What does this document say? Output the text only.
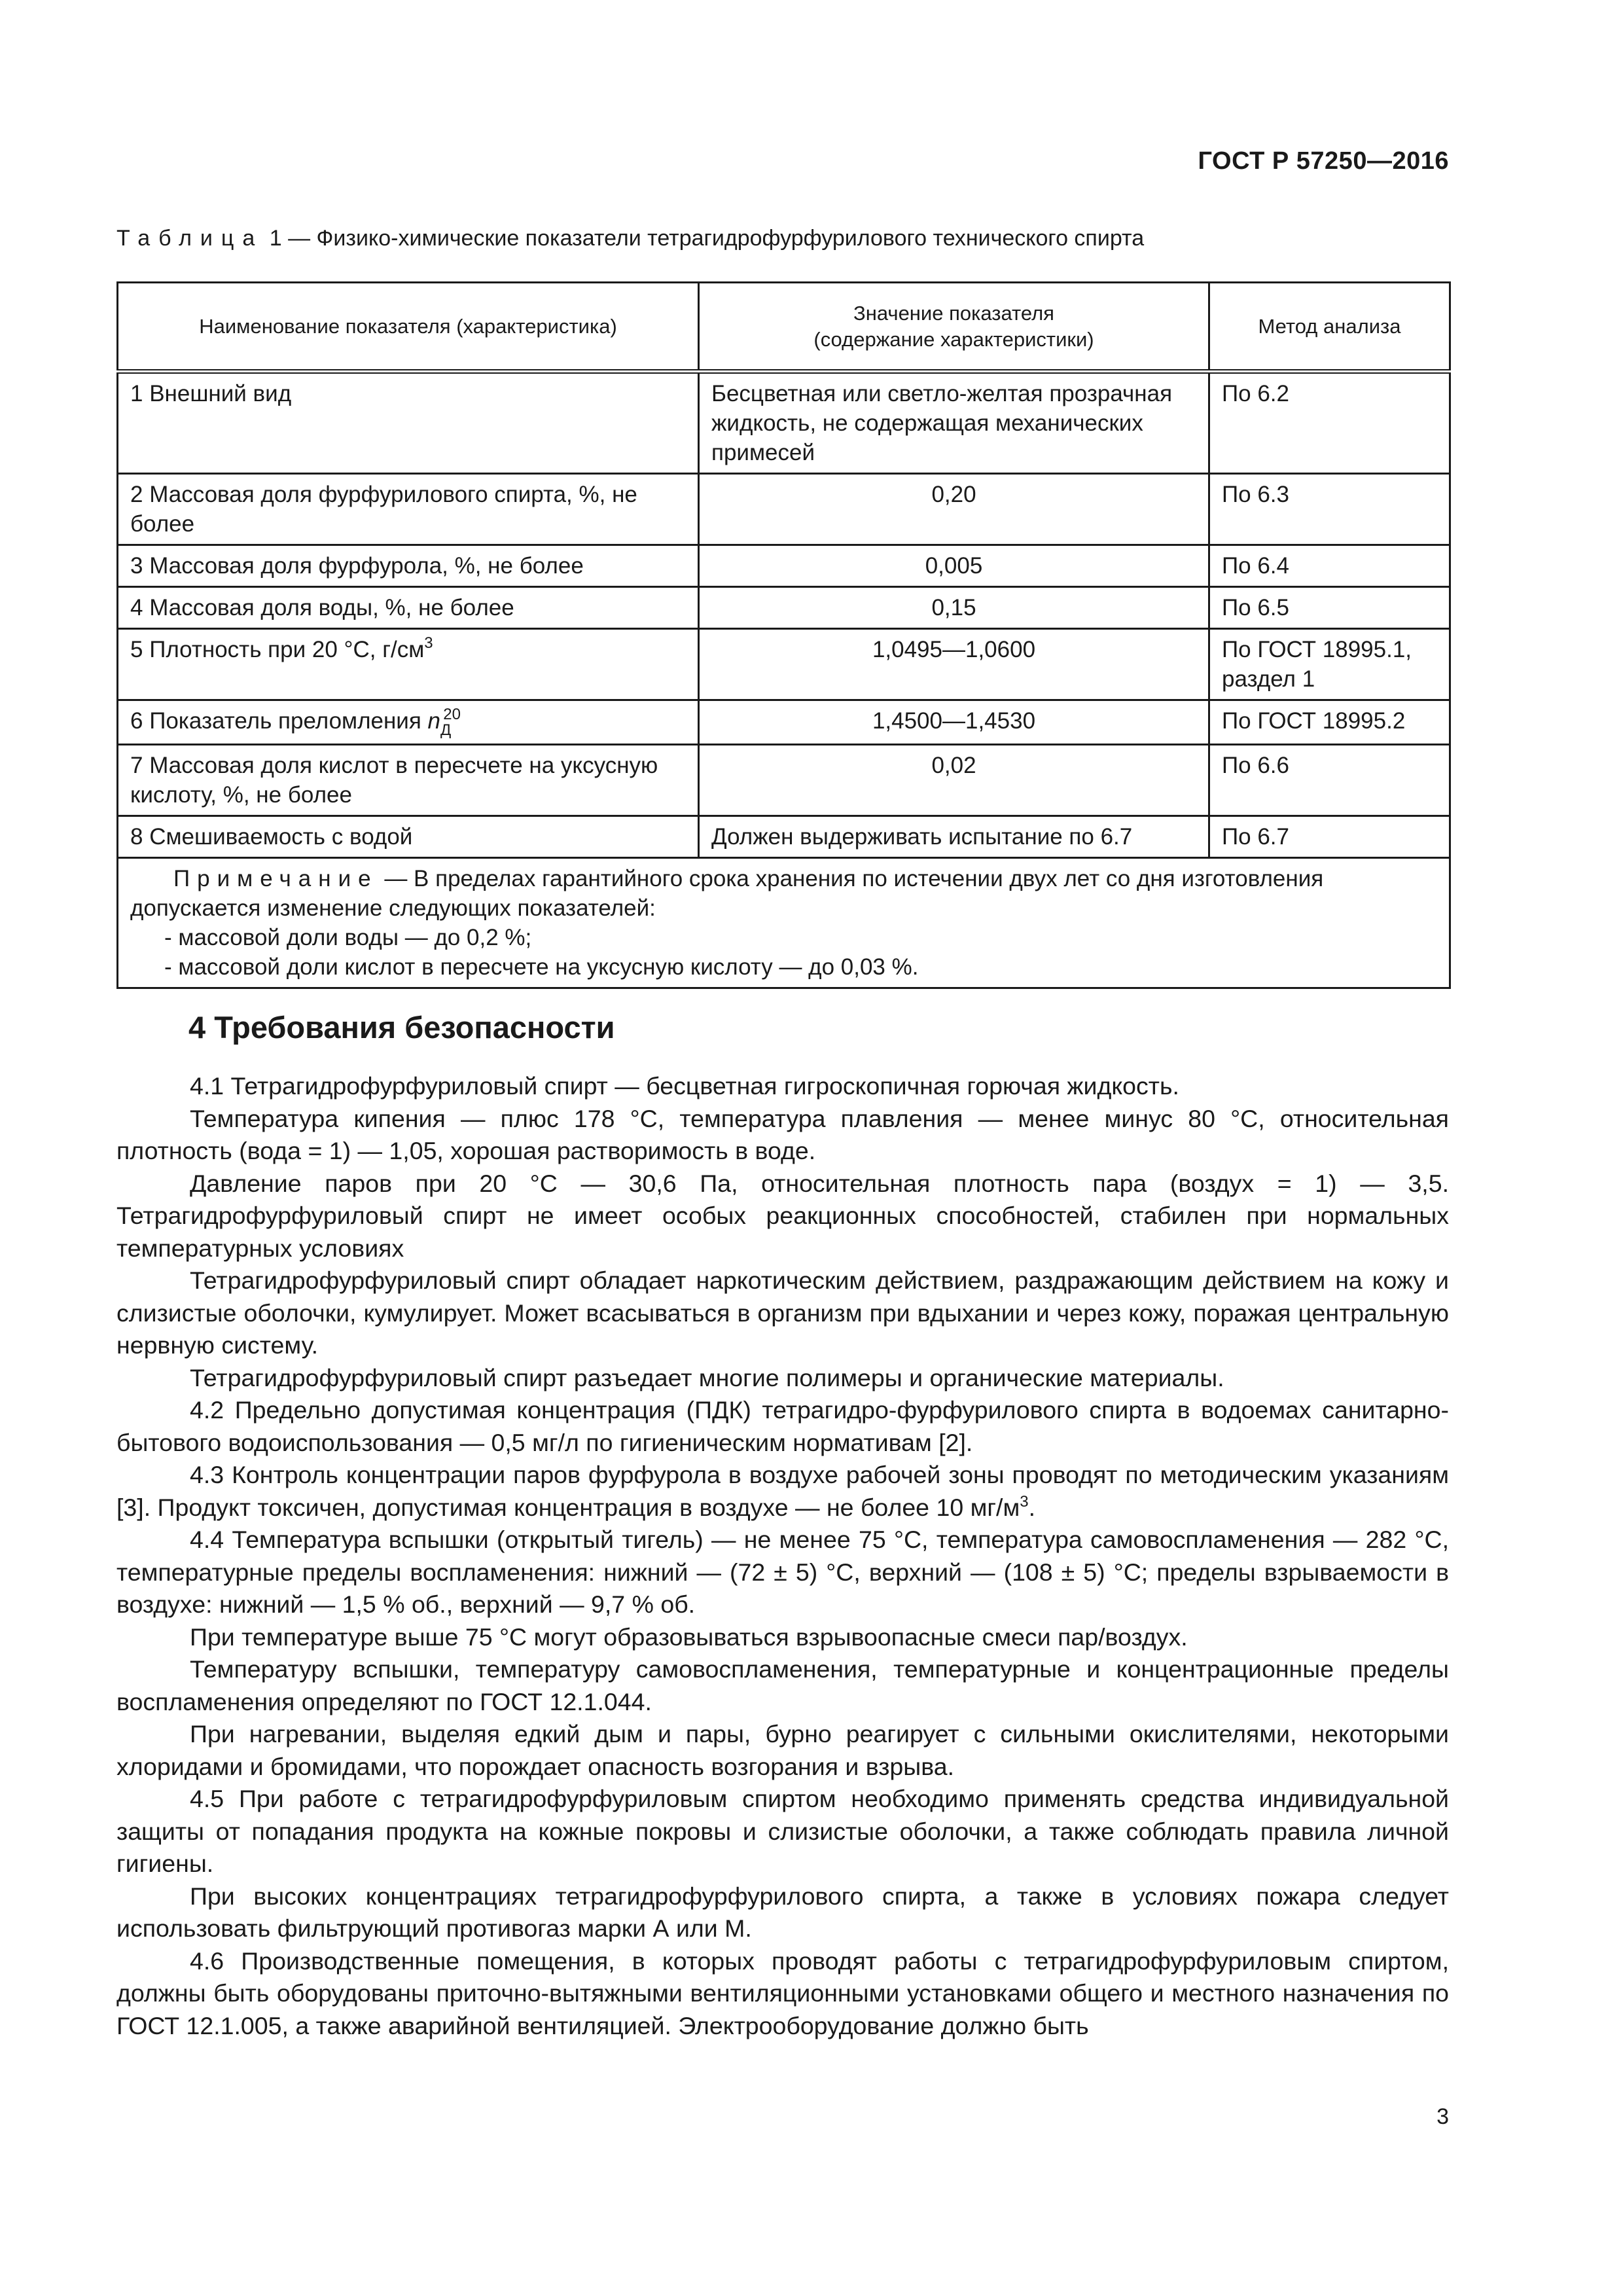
ГОСТ Р 57250—2016
Таблица 1 — Физико-химические показатели тетрагидрофурфурилового технического спирта
Наименование показателя (характеристика)	Значение показателя (содержание характеристики)	Метод анализа
1 Внешний вид	Бесцветная или светло-желтая прозрачная жидкость, не содержащая механических примесей	По 6.2
2 Массовая доля фурфурилового спирта, %, не более	0,20	По 6.3
3 Массовая доля фурфурола, %, не более	0,005	По 6.4
4 Массовая доля воды, %, не более	0,15	По 6.5
5 Плотность при 20 °С, $г/см^3$	1,0495—1,0600	По ГОСТ 18995.1, раздел 1
6 Показатель преломления $n_Д^{20}$	1,4500—1,4530	По ГОСТ 18995.2
7 Массовая доля кислот в пересчете на уксусную кислоту, %, не более	0,02	По 6.6
8 Смешиваемость с водой	Должен выдерживать испытание по 6.7	По 6.7

Примечание — В пределах гарантийного срока хранения по истечении двух лет со дня изготовления допускается изменение следующих показателей:
- массовой доли воды — до 0,2 %;
- массовой доли кислот в пересчете на уксусную кислоту — до 0,03 %.		
4 Требования безопасности

4.1 Тетрагидрофурфуриловый спирт — бесцветная гигроскопичная горючая жидкость.

Температура кипения — плюс 178 °С, температура плавления — менее минус 80 °С, относительная плотность (вода = 1) — 1,05, хорошая растворимость в воде.

Давление паров при 20 °С — 30,6 Па, относительная плотность пара (воздух = 1) — 3,5. Тетрагидрофурфуриловый спирт не имеет особых реакционных способностей, стабилен при нормальных температурных условиях

Тетрагидрофурфуриловый спирт обладает наркотическим действием, раздражающим действием на кожу и слизистые оболочки, кумулирует. Может всасываться в организм при вдыхании и через кожу, поражая центральную нервную систему.

Тетрагидрофурфуриловый спирт разъедает многие полимеры и органические материалы.

4.2 Предельно допустимая концентрация (ПДК) тетрагидро-фурфурилового спирта в водоемах санитарно-бытового водоиспользования — 0,5 мг/л по гигиеническим нормативам [2].

4.3 Контроль концентрации паров фурфурола в воздухе рабочей зоны проводят по методическим указаниям [3]. Продукт токсичен, допустимая концентрация в воздухе — не более 10 $мг/м^3$.

4.4 Температура вспышки (открытый тигель) — не менее 75 °С, температура самовоспламенения — 282 °С, температурные пределы воспламенения: нижний — (72 ± 5) °С, верхний — (108 ± 5) °С; пределы взрываемости в воздухе: нижний — 1,5 % об., верхний — 9,7 % об.

При температуре выше 75 °С могут образовываться взрывоопасные смеси пар/воздух.

Температуру вспышки, температуру самовоспламенения, температурные и концентрационные пределы воспламенения определяют по ГОСТ 12.1.044.

При нагревании, выделяя едкий дым и пары, бурно реагирует с сильными окислителями, некоторыми хлоридами и бромидами, что порождает опасность возгорания и взрыва.

4.5 При работе с тетрагидрофурфуриловым спиртом необходимо применять средства индивидуальной защиты от попадания продукта на кожные покровы и слизистые оболочки, а также соблюдать правила личной гигиены.

При высоких концентрациях тетрагидрофурфурилового спирта, а также в условиях пожара следует использовать фильтрующий противогаз марки А или М.

4.6 Производственные помещения, в которых проводят работы с тетрагидрофурфуриловым спиртом, должны быть оборудованы приточно-вытяжными вентиляционными установками общего и местного назначения по ГОСТ 12.1.005, а также аварийной вентиляцией. Электрооборудование должно быть

3
